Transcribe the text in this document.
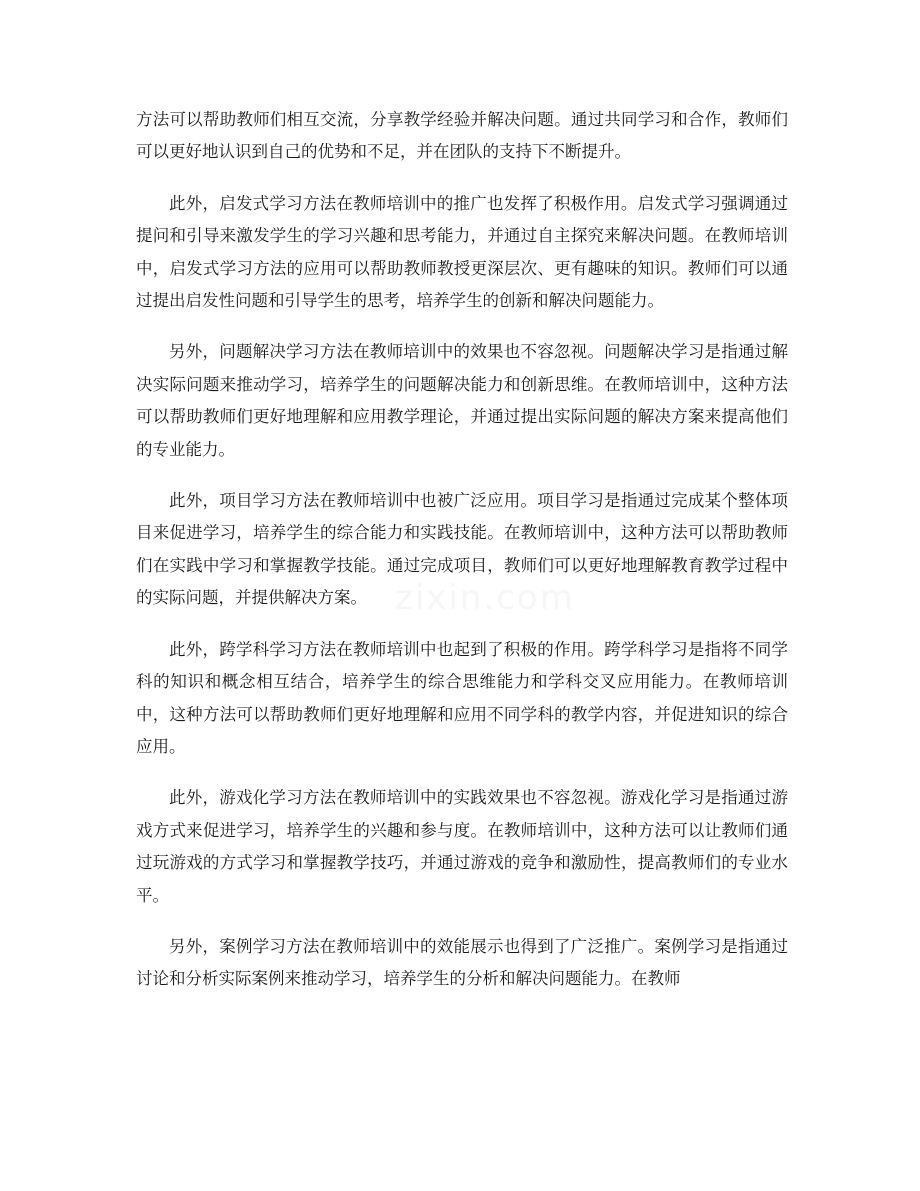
zixin.com

方法可以帮助教师们相互交流，分享教学经验并解决问题。通过共同学习和合作，教师们可以更好地认识到自己的优势和不足，并在团队的支持下不断提升。

此外，启发式学习方法在教师培训中的推广也发挥了积极作用。启发式学习强调通过提问和引导来激发学生的学习兴趣和思考能力，并通过自主探究来解决问题。在教师培训中，启发式学习方法的应用可以帮助教师教授更深层次、更有趣味的知识。教师们可以通过提出启发性问题和引导学生的思考，培养学生的创新和解决问题能力。

另外，问题解决学习方法在教师培训中的效果也不容忽视。问题解决学习是指通过解决实际问题来推动学习，培养学生的问题解决能力和创新思维。在教师培训中，这种方法可以帮助教师们更好地理解和应用教学理论，并通过提出实际问题的解决方案来提高他们的专业能力。

此外，项目学习方法在教师培训中也被广泛应用。项目学习是指通过完成某个整体项目来促进学习，培养学生的综合能力和实践技能。在教师培训中，这种方法可以帮助教师们在实践中学习和掌握教学技能。通过完成项目，教师们可以更好地理解教育教学过程中的实际问题，并提供解决方案。

此外，跨学科学习方法在教师培训中也起到了积极的作用。跨学科学习是指将不同学科的知识和概念相互结合，培养学生的综合思维能力和学科交叉应用能力。在教师培训中，这种方法可以帮助教师们更好地理解和应用不同学科的教学内容，并促进知识的综合应用。

此外，游戏化学习方法在教师培训中的实践效果也不容忽视。游戏化学习是指通过游戏方式来促进学习，培养学生的兴趣和参与度。在教师培训中，这种方法可以让教师们通过玩游戏的方式学习和掌握教学技巧，并通过游戏的竞争和激励性，提高教师们的专业水平。

另外，案例学习方法在教师培训中的效能展示也得到了广泛推广。案例学习是指通过讨论和分析实际案例来推动学习，培养学生的分析和解决问题能力。在教师
